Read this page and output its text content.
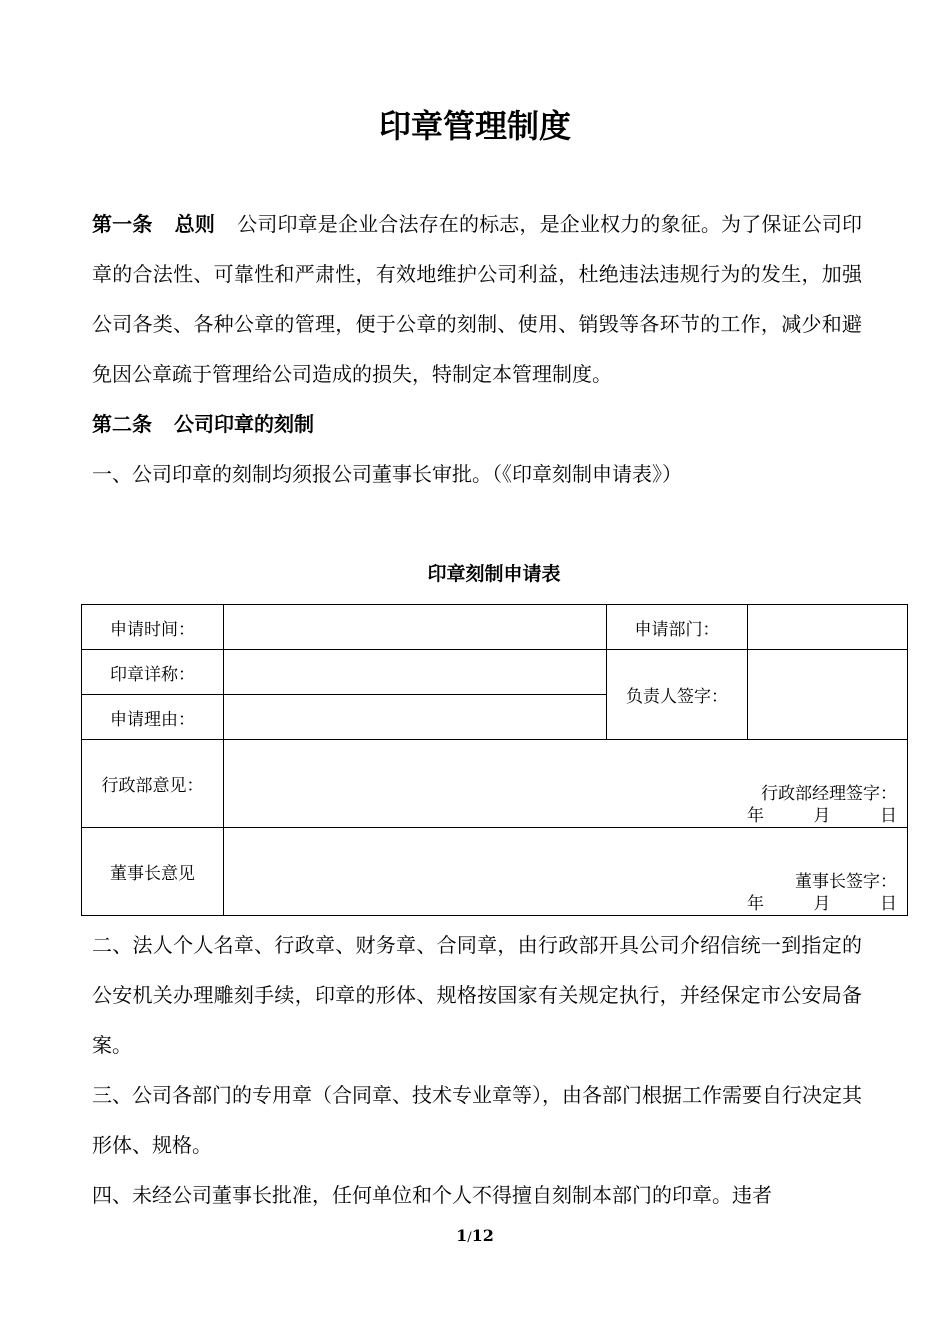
印章管理制度

第一条 总则 公司印章是企业合法存在的标志，是企业权力的象征。为了保证公司印章的合法性、可靠性和严肃性，有效地维护公司利益，杜绝违法违规行为的发生，加强公司各类、各种公章的管理，便于公章的刻制、使用、销毁等各环节的工作，减少和避免因公章疏于管理给公司造成的损失，特制定本管理制度。

第二条 公司印章的刻制

一、公司印章的刻制均须报公司董事长审批。（《印章刻制申请表》）

印章刻制申请表
申请时间：		申请部门：	
印章详称：		负责人签字：	
申请理由：			
行政部意见：	行政部经理签字：
年 月 日		

董事长意见	董事长签字：
年 月 日		

二、法人个人名章、行政章、财务章、合同章，由行政部开具公司介绍信统一到指定的公安机关办理雕刻手续，印章的形体、规格按国家有关规定执行，并经保定市公安局备案。

三、公司各部门的专用章（合同章、技术专业章等），由各部门根据工作需要自行决定其形体、规格。

四、未经公司董事长批准，任何单位和个人不得擅自刻制本部门的印章。违者

1/12
